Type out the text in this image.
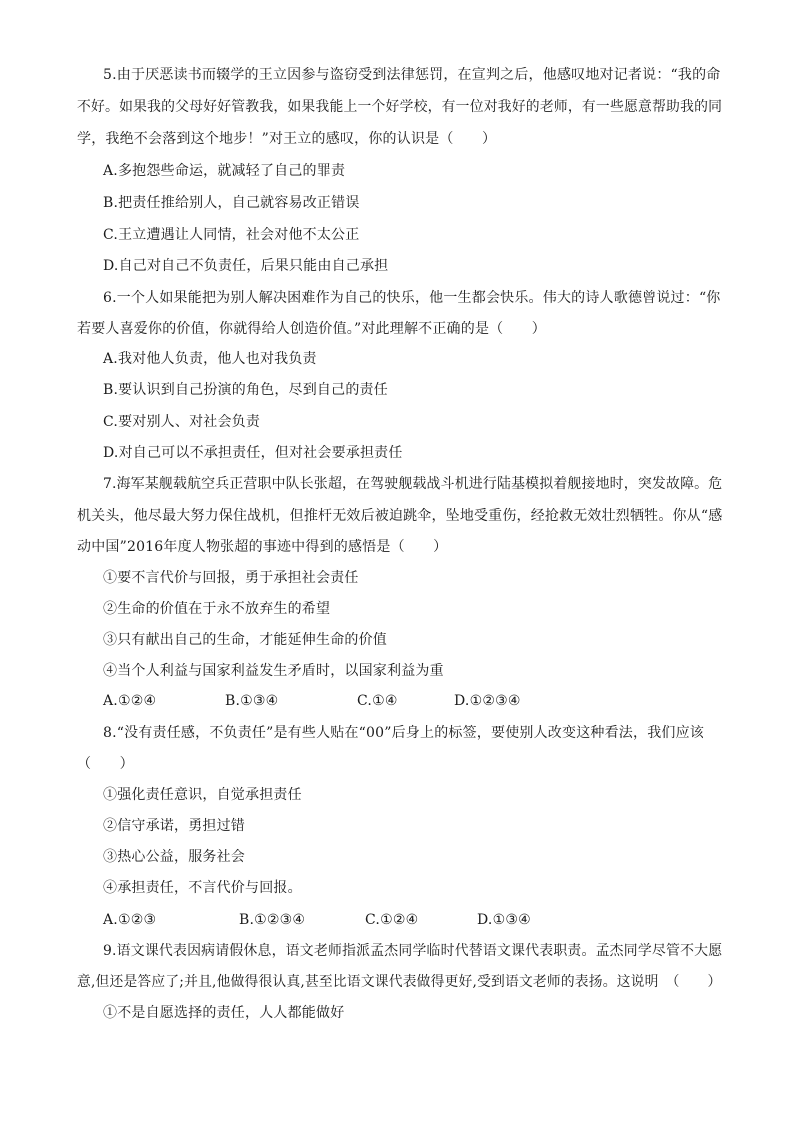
5.由于厌恶读书而辍学的王立因参与盗窃受到法律惩罚，在宣判之后，他感叹地对记者说：“我的命
不好。如果我的父母好好管教我，如果我能上一个好学校，有一位对我好的老师，有一些愿意帮助我的同
学，我绝不会落到这个地步！”对王立的感叹，你的认识是（　　）
A.多抱怨些命运，就减轻了自己的罪责
B.把责任推给别人，自己就容易改正错误
C.王立遭遇让人同情，社会对他不太公正
D.自己对自己不负责任，后果只能由自己承担
6.一个人如果能把为别人解决困难作为自己的快乐，他一生都会快乐。伟大的诗人歌德曾说过：“你
若要人喜爱你的价值，你就得给人创造价值。”对此理解不正确的是（　　）
A.我对他人负责，他人也对我负责
B.要认识到自己扮演的角色，尽到自己的责任
C.要对别人、对社会负责
D.对自己可以不承担责任，但对社会要承担责任
7.海军某舰载航空兵正营职中队长张超，在驾驶舰载战斗机进行陆基模拟着舰接地时，突发故障。危
机关头，他尽最大努力保住战机，但推杆无效后被迫跳伞，坠地受重伤，经抢救无效壮烈牺牲。你从“感
动中国”2016年度人物张超的事迹中得到的感悟是（　　）
①要不言代价与回报，勇于承担社会责任
②生命的价值在于永不放弃生的希望
③只有献出自己的生命，才能延伸生命的价值
④当个人利益与国家利益发生矛盾时，以国家利益为重
A.①②④	B.①③④	C.①④	D.①②③④
8.“没有责任感，不负责任”是有些人贴在“00”后身上的标签，要使别人改变这种看法，我们应该
（　　）
①强化责任意识，自觉承担责任
②信守承诺，勇担过错
③热心公益，服务社会
④承担责任，不言代价与回报。
A.①②③	B.①②③④	C.①②④	D.①③④
9.语文课代表因病请假休息，语文老师指派孟杰同学临时代替语文课代表职责。孟杰同学尽管不大愿
意,但还是答应了;并且,他做得很认真,甚至比语文课代表做得更好,受到语文老师的表扬。这说明　（　　）
①不是自愿选择的责任，人人都能做好
